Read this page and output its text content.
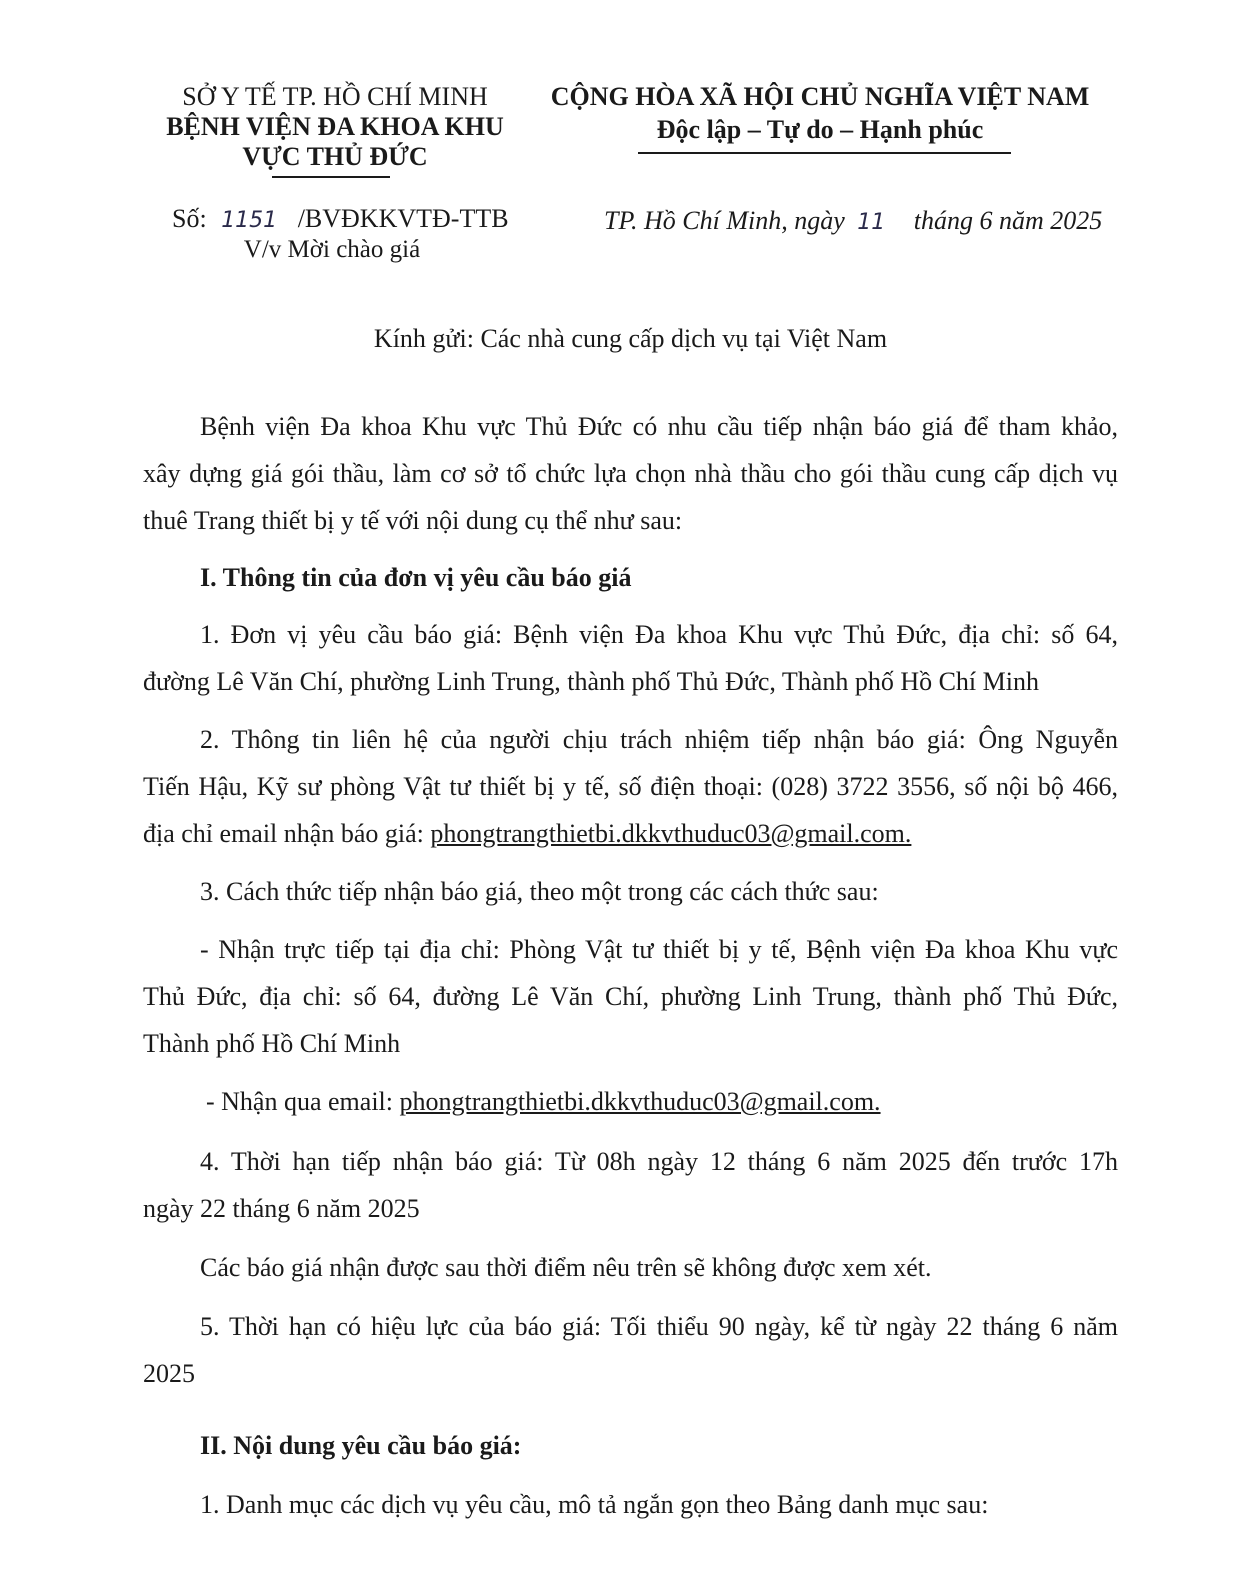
SỞ Y TẾ TP. HỒ CHÍ MINH
BỆNH VIỆN ĐA KHOA KHU
VỰC THỦ ĐỨC
CỘNG HÒA XÃ HỘI CHỦ NGHĨA VIỆT NAM
Độc lập – Tự do – Hạnh phúc
Số: 1151 /BVĐKKVTĐ-TTB
V/v Mời chào giá
TP. Hồ Chí Minh, ngày 11 tháng 6 năm 2025
Kính gửi: Các nhà cung cấp dịch vụ tại Việt Nam
Bệnh viện Đa khoa Khu vực Thủ Đức có nhu cầu tiếp nhận báo giá để tham khảo,
xây dựng giá gói thầu, làm cơ sở tổ chức lựa chọn nhà thầu cho gói thầu cung cấp dịch vụ
thuê Trang thiết bị y tế với nội dung cụ thể như sau:
I. Thông tin của đơn vị yêu cầu báo giá
1. Đơn vị yêu cầu báo giá: Bệnh viện Đa khoa Khu vực Thủ Đức, địa chỉ: số 64,
đường Lê Văn Chí, phường Linh Trung, thành phố Thủ Đức, Thành phố Hồ Chí Minh
2. Thông tin liên hệ của người chịu trách nhiệm tiếp nhận báo giá: Ông Nguyễn
Tiến Hậu, Kỹ sư phòng Vật tư thiết bị y tế, số điện thoại: (028) 3722 3556, số nội bộ 466,
địa chỉ email nhận báo giá: phongtrangthietbi.dkkvthuduc03@gmail.com.
3. Cách thức tiếp nhận báo giá, theo một trong các cách thức sau:
- Nhận trực tiếp tại địa chỉ: Phòng Vật tư thiết bị y tế, Bệnh viện Đa khoa Khu vực
Thủ Đức, địa chỉ: số 64, đường Lê Văn Chí, phường Linh Trung, thành phố Thủ Đức,
Thành phố Hồ Chí Minh
- Nhận qua email: phongtrangthietbi.dkkvthuduc03@gmail.com.
4. Thời hạn tiếp nhận báo giá: Từ 08h ngày 12 tháng 6 năm 2025 đến trước 17h
ngày 22 tháng 6 năm 2025
Các báo giá nhận được sau thời điểm nêu trên sẽ không được xem xét.
5. Thời hạn có hiệu lực của báo giá: Tối thiểu 90 ngày, kể từ ngày 22 tháng 6 năm
2025
II. Nội dung yêu cầu báo giá:
1. Danh mục các dịch vụ yêu cầu, mô tả ngắn gọn theo Bảng danh mục sau:
